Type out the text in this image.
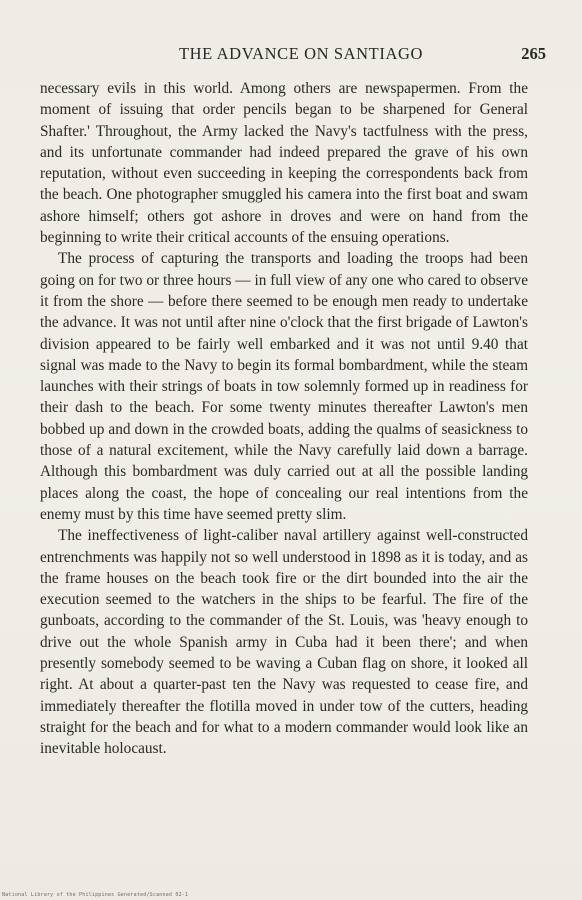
THE ADVANCE ON SANTIAGO	265

necessary evils in this world. Among others are newspapermen. From the moment of issuing that order pencils began to be sharpened for General Shafter.' Throughout, the Army lacked the Navy's tactfulness with the press, and its unfortunate commander had indeed prepared the grave of his own reputation, without even succeeding in keeping the correspondents back from the beach. One photographer smuggled his camera into the first boat and swam ashore himself; others got ashore in droves and were on hand from the beginning to write their critical accounts of the ensuing operations.

The process of capturing the transports and loading the troops had been going on for two or three hours — in full view of any one who cared to observe it from the shore — before there seemed to be enough men ready to undertake the advance. It was not until after nine o'clock that the first brigade of Lawton's division appeared to be fairly well embarked and it was not until 9.40 that signal was made to the Navy to begin its formal bombardment, while the steam launches with their strings of boats in tow solemnly formed up in readiness for their dash to the beach. For some twenty minutes thereafter Lawton's men bobbed up and down in the crowded boats, adding the qualms of seasickness to those of a natural excitement, while the Navy carefully laid down a barrage. Although this bombardment was duly carried out at all the possible landing places along the coast, the hope of concealing our real intentions from the enemy must by this time have seemed pretty slim.

The ineffectiveness of light-caliber naval artillery against well-constructed entrenchments was happily not so well understood in 1898 as it is today, and as the frame houses on the beach took fire or the dirt bounded into the air the execution seemed to the watchers in the ships to be fearful. The fire of the gunboats, according to the commander of the St. Louis, was 'heavy enough to drive out the whole Spanish army in Cuba had it been there'; and when presently somebody seemed to be waving a Cuban flag on shore, it looked all right. At about a quarter-past ten the Navy was requested to cease fire, and immediately thereafter the flotilla moved in under tow of the cutters, heading straight for the beach and for what to a modern commander would look like an inevitable holocaust.

National Library of the Philippines Generated/Scanned 02-1
